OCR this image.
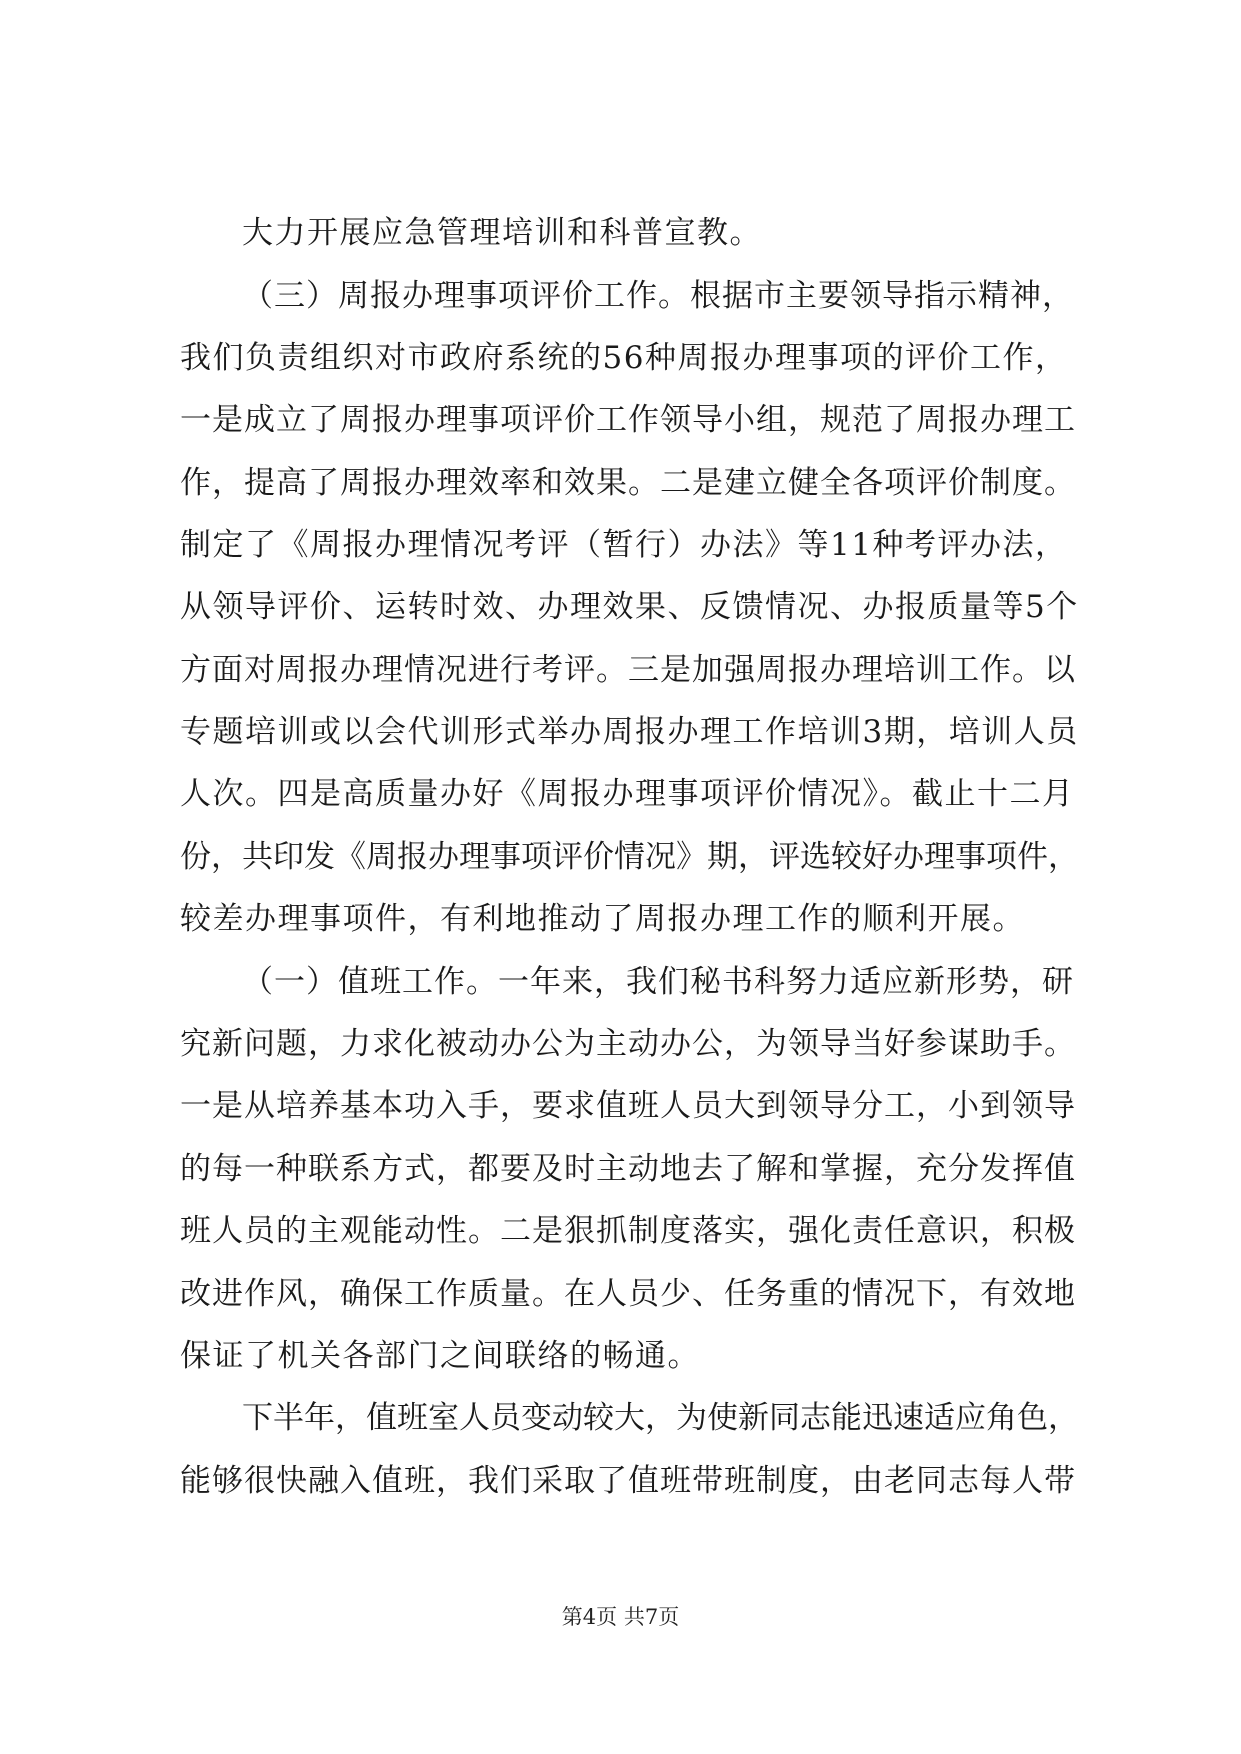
大力开展应急管理培训和科普宣教。
（三）周报办理事项评价工作。根据市主要领导指示精神，
我们负责组织对市政府系统的56种周报办理事项的评价工作，
一是成立了周报办理事项评价工作领导小组，规范了周报办理工
作，提高了周报办理效率和效果。二是建立健全各项评价制度。
制定了《周报办理情况考评（暂行）办法》等11种考评办法，
从领导评价、运转时效、办理效果、反馈情况、办报质量等5个
方面对周报办理情况进行考评。三是加强周报办理培训工作。以
专题培训或以会代训形式举办周报办理工作培训3期，培训人员
人次。四是高质量办好《周报办理事项评价情况》。截止十二月
份，共印发《周报办理事项评价情况》期，评选较好办理事项件，
较差办理事项件，有利地推动了周报办理工作的顺利开展。
（一）值班工作。一年来，我们秘书科努力适应新形势，研
究新问题，力求化被动办公为主动办公，为领导当好参谋助手。
一是从培养基本功入手，要求值班人员大到领导分工，小到领导
的每一种联系方式，都要及时主动地去了解和掌握，充分发挥值
班人员的主观能动性。二是狠抓制度落实，强化责任意识，积极
改进作风，确保工作质量。在人员少、任务重的情况下，有效地
保证了机关各部门之间联络的畅通。
下半年，值班室人员变动较大，为使新同志能迅速适应角色，
能够很快融入值班，我们采取了值班带班制度，由老同志每人带
第4页 共7页
